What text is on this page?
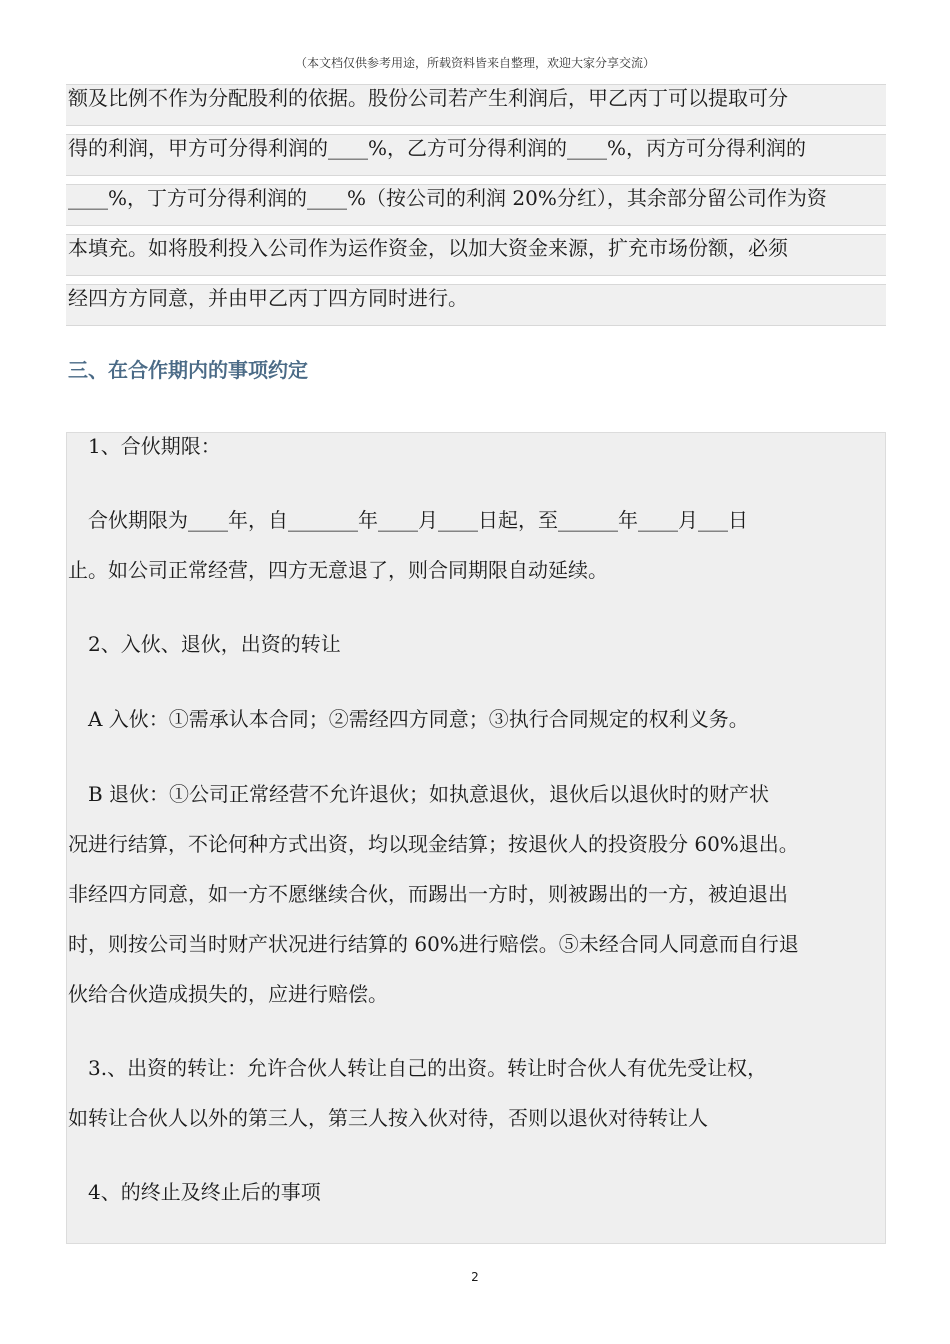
（本文档仅供参考用途，所载资料皆来自整理，欢迎大家分享交流）
额及比例不作为分配股利的依据。股份公司若产生利润后，甲乙丙丁可以提取可分
得的利润，甲方可分得利润的____%，乙方可分得利润的____%，丙方可分得利润的
____%，丁方可分得利润的____%（按公司的利润 20%分红），其余部分留公司作为资
本填充。如将股利投入公司作为运作资金，以加大资金来源，扩充市场份额，必须
经四方方同意，并由甲乙丙丁四方同时进行。
三、在合作期内的事项约定
　1、合伙期限：
　合伙期限为____年，自_______年____月____日起，至______年____月___日
止。如公司正常经营，四方无意退了，则合同期限自动延续。
　2、入伙、退伙，出资的转让
　A 入伙：①需承认本合同；②需经四方同意；③执行合同规定的权利义务。
　B 退伙：①公司正常经营不允许退伙；如执意退伙，退伙后以退伙时的财产状
况进行结算，不论何种方式出资，均以现金结算；按退伙人的投资股分 60%退出。
非经四方同意，如一方不愿继续合伙，而踢出一方时，则被踢出的一方，被迫退出
时，则按公司当时财产状况进行结算的 60%进行赔偿。⑤未经合同人同意而自行退
伙给合伙造成损失的，应进行赔偿。
　3.、出资的转让：允许合伙人转让自己的出资。转让时合伙人有优先受让权，
如转让合伙人以外的第三人，第三人按入伙对待，否则以退伙对待转让人
　4、的终止及终止后的事项
2
